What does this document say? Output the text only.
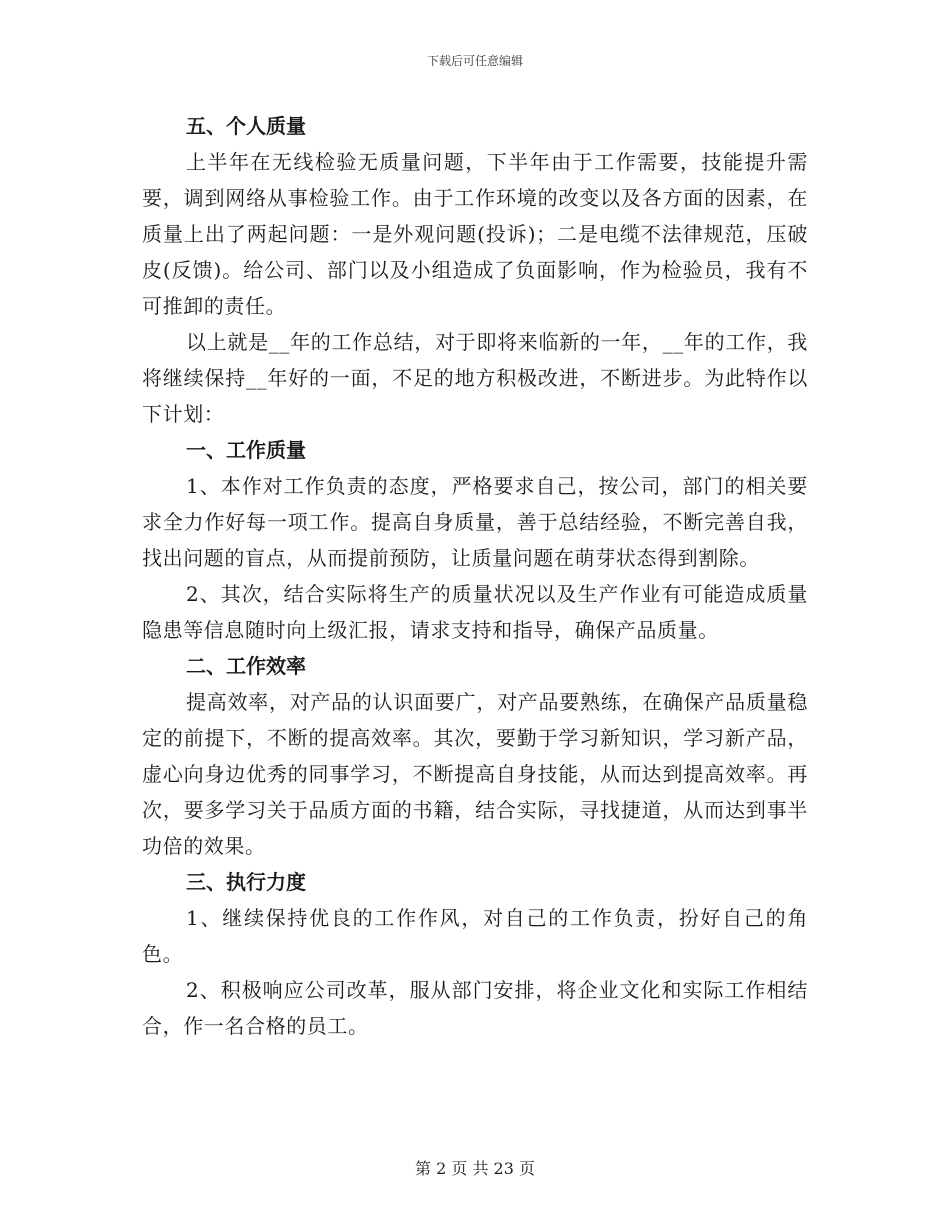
下载后可任意编辑

五、个人质量

上半年在无线检验无质量问题，下半年由于工作需要，技能提升需要，调到网络从事检验工作。由于工作环境的改变以及各方面的因素，在质量上出了两起问题：一是外观问题(投诉)；二是电缆不法律规范，压破皮(反馈)。给公司、部门以及小组造成了负面影响，作为检验员，我有不可推卸的责任。

以上就是__年的工作总结，对于即将来临新的一年，__年的工作，我将继续保持__年好的一面，不足的地方积极改进，不断进步。为此特作以下计划：

一、工作质量

1、本作对工作负责的态度，严格要求自己，按公司，部门的相关要求全力作好每一项工作。提高自身质量，善于总结经验，不断完善自我，找出问题的盲点，从而提前预防，让质量问题在萌芽状态得到割除。

2、其次，结合实际将生产的质量状况以及生产作业有可能造成质量隐患等信息随时向上级汇报，请求支持和指导，确保产品质量。

二、工作效率

提高效率，对产品的认识面要广，对产品要熟练，在确保产品质量稳定的前提下，不断的提高效率。其次，要勤于学习新知识，学习新产品，虚心向身边优秀的同事学习，不断提高自身技能，从而达到提高效率。再次，要多学习关于品质方面的书籍，结合实际，寻找捷道，从而达到事半功倍的效果。

三、执行力度

1、继续保持优良的工作作风，对自己的工作负责，扮好自己的角色。

2、积极响应公司改革，服从部门安排，将企业文化和实际工作相结合，作一名合格的员工。

第 2 页 共 23 页
